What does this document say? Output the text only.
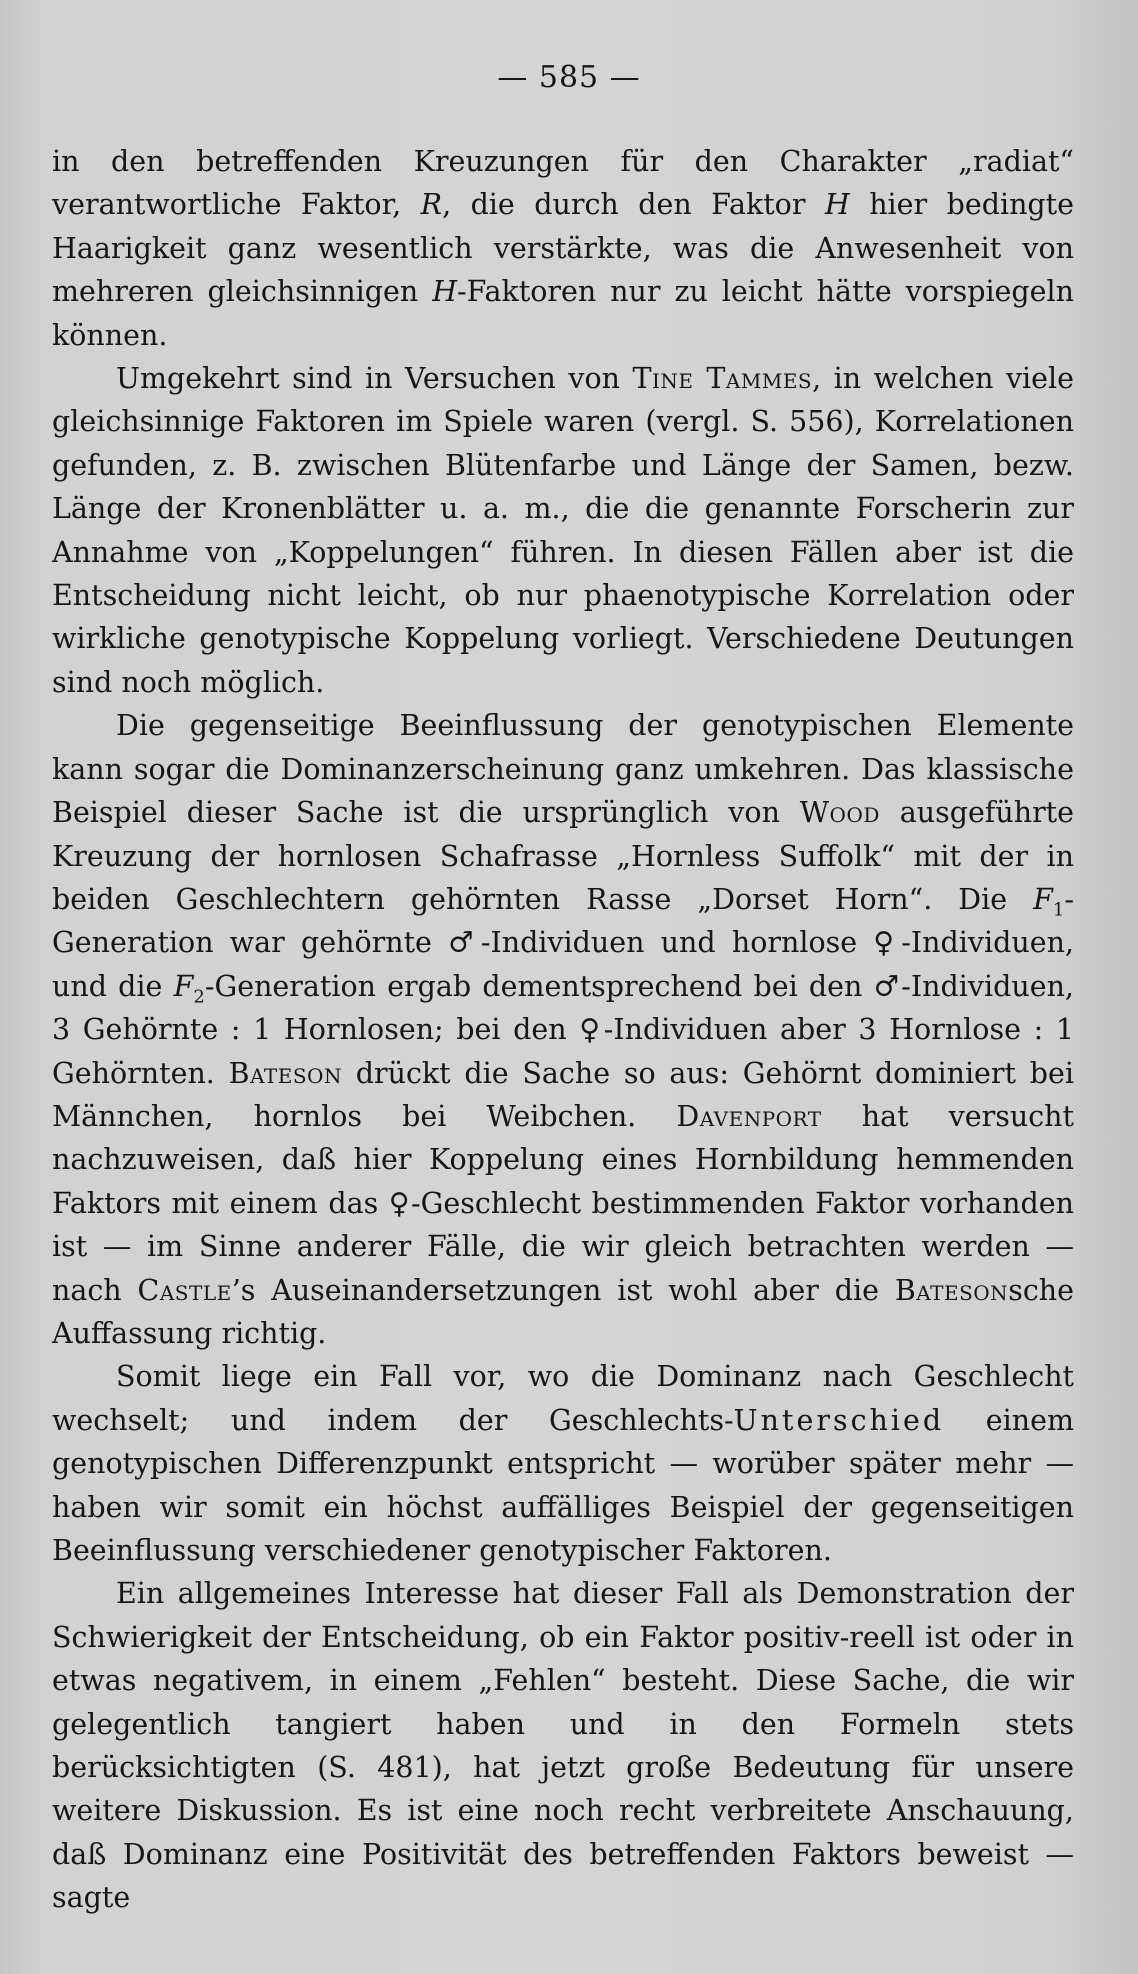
— 585 —

in den betreffenden Kreuzungen für den Charakter „radiat“ verantwortliche Faktor, R, die durch den Faktor H hier bedingte Haarigkeit ganz wesentlich verstärkte, was die Anwesenheit von mehreren gleichsinnigen H-Faktoren nur zu leicht hätte vorspiegeln können.

Umgekehrt sind in Versuchen von Tine Tammes, in welchen viele gleichsinnige Faktoren im Spiele waren (vergl. S. 556), Korrelationen gefunden, z. B. zwischen Blütenfarbe und Länge der Samen, bezw. Länge der Kronenblätter u. a. m., die die genannte Forscherin zur Annahme von „Koppelungen“ führen. In diesen Fällen aber ist die Entscheidung nicht leicht, ob nur phaenotypische Korrelation oder wirkliche genotypische Koppelung vorliegt. Verschiedene Deutungen sind noch möglich.

Die gegenseitige Beeinflussung der genotypischen Elemente kann sogar die Dominanzerscheinung ganz umkehren. Das klassische Beispiel dieser Sache ist die ursprünglich von Wood ausgeführte Kreuzung der hornlosen Schafrasse „Hornless Suffolk“ mit der in beiden Geschlechtern gehörnten Rasse „Dorset Horn“. Die $F_1$-Generation war gehörnte ♂-Individuen und hornlose ♀-Individuen, und die $F_2$-Generation ergab dementsprechend bei den ♂-Individuen, 3 Gehörnte : 1 Hornlosen; bei den ♀-Individuen aber 3 Hornlose : 1 Gehörnten. Bateson drückt die Sache so aus: Gehörnt dominiert bei Männchen, hornlos bei Weibchen. Davenport hat versucht nachzuweisen, daß hier Koppelung eines Hornbildung hemmenden Faktors mit einem das ♀-Geschlecht bestimmenden Faktor vorhanden ist — im Sinne anderer Fälle, die wir gleich betrachten werden — nach Castle’s Auseinandersetzungen ist wohl aber die Batesonsche Auffassung richtig.

Somit liege ein Fall vor, wo die Dominanz nach Geschlecht wechselt; und indem der Geschlechts-Unterschied einem genotypischen Differenzpunkt entspricht — worüber später mehr — haben wir somit ein höchst auffälliges Beispiel der gegenseitigen Beeinflussung verschiedener genotypischer Faktoren.

Ein allgemeines Interesse hat dieser Fall als Demonstration der Schwierigkeit der Entscheidung, ob ein Faktor positiv-reell ist oder in etwas negativem, in einem „Fehlen“ besteht. Diese Sache, die wir gelegentlich tangiert haben und in den Formeln stets berücksichtigten (S. 481), hat jetzt große Bedeutung für unsere weitere Diskussion. Es ist eine noch recht verbreitete Anschauung, daß Dominanz eine Positivität des betreffenden Faktors beweist — sagte
